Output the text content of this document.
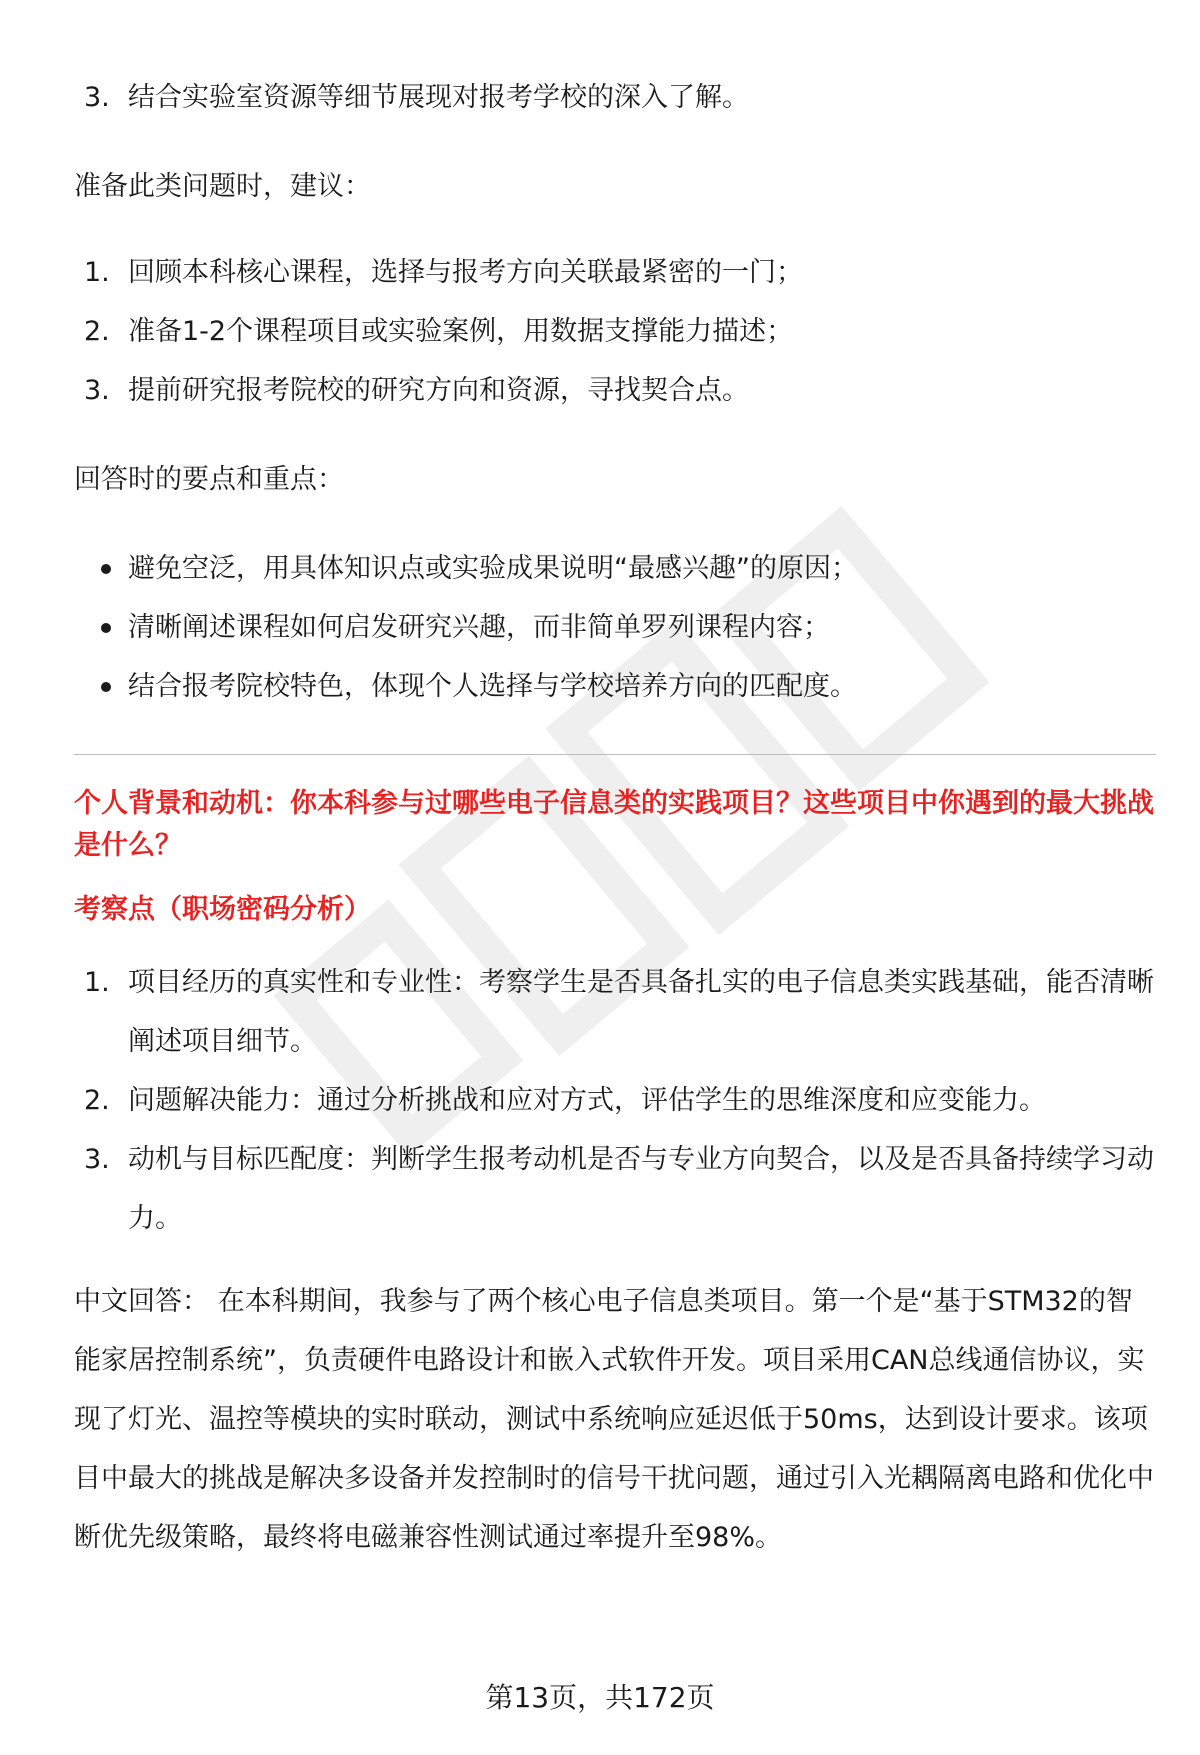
3. 结合实验室资源等细节展现对报考学校的深入了解。

准备此类问题时，建议：

1. 回顾本科核心课程，选择与报考方向关联最紧密的一门；
2. 准备1-2个课程项目或实验案例，用数据支撑能力描述；
3. 提前研究报考院校的研究方向和资源，寻找契合点。

回答时的要点和重点：

避免空泛，用具体知识点或实验成果说明“最感兴趣”的原因；
清晰阐述课程如何启发研究兴趣，而非简单罗列课程内容；
结合报考院校特色，体现个人选择与学校培养方向的匹配度。

个人背景和动机：你本科参与过哪些电子信息类的实践项目？这些项目中你遇到的最大挑战是什么？

考察点（职场密码分析）

1. 项目经历的真实性和专业性：考察学生是否具备扎实的电子信息类实践基础，能否清晰阐述项目细节。
2. 问题解决能力：通过分析挑战和应对方式，评估学生的思维深度和应变能力。
3. 动机与目标匹配度：判断学生报考动机是否与专业方向契合，以及是否具备持续学习动力。

中文回答： 在本科期间，我参与了两个核心电子信息类项目。第一个是“基于STM32的智能家居控制系统”，负责硬件电路设计和嵌入式软件开发。项目采用CAN总线通信协议，实现了灯光、温控等模块的实时联动，测试中系统响应延迟低于50ms，达到设计要求。该项目中最大的挑战是解决多设备并发控制时的信号干扰问题，通过引入光耦隔离电路和优化中断优先级策略，最终将电磁兼容性测试通过率提升至98%。

第13页，共172页
